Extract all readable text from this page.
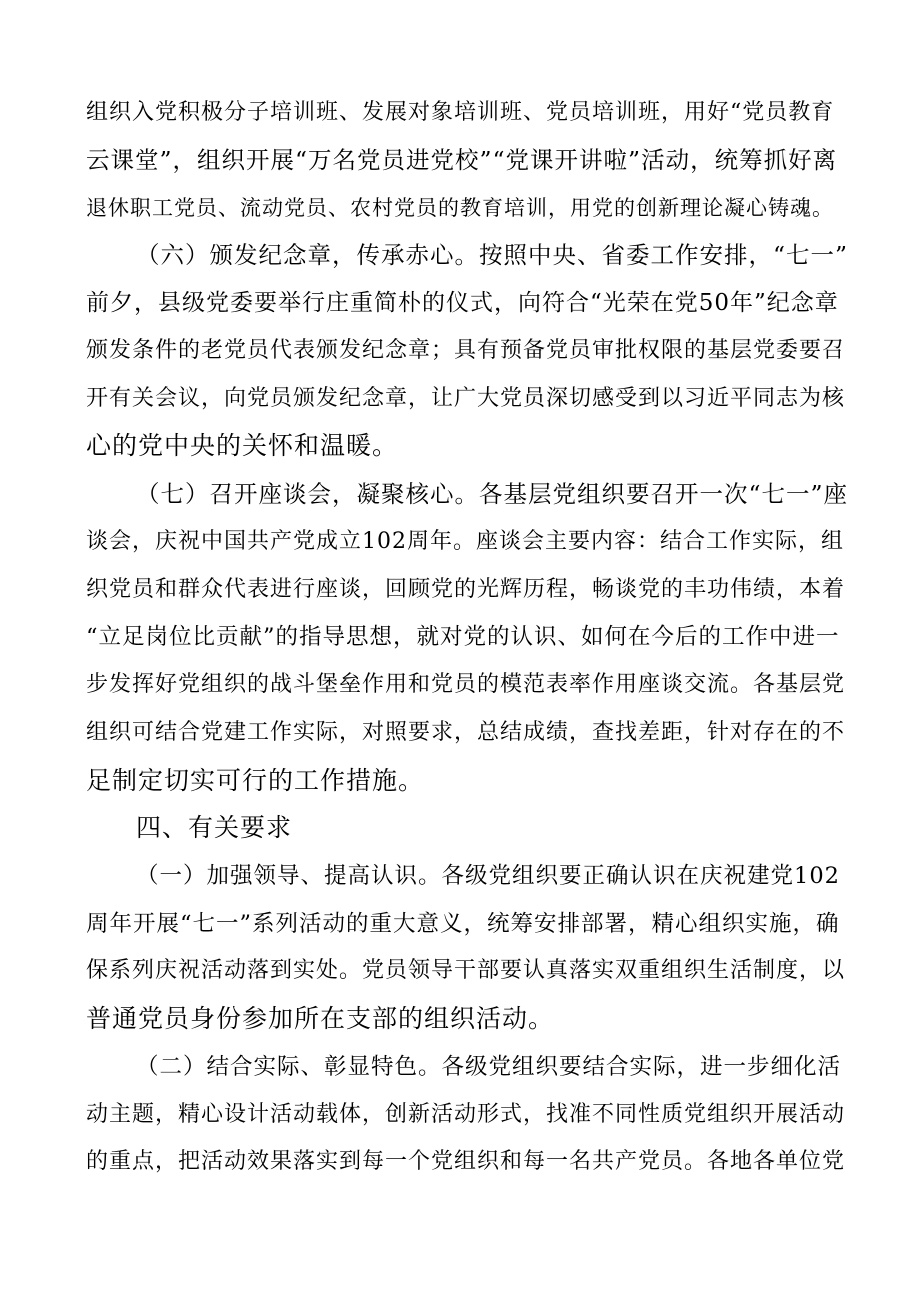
组织入党积极分子培训班、发展对象培训班、党员培训班，用好“党员教育
云课堂”，组织开展“万名党员进党校”“党课开讲啦”活动，统筹抓好离
退休职工党员、流动党员、农村党员的教育培训，用党的创新理论凝心铸魂。
（六）颁发纪念章，传承赤心。按照中央、省委工作安排，“七一”
前夕，县级党委要举行庄重简朴的仪式，向符合“光荣在党50年”纪念章
颁发条件的老党员代表颁发纪念章；具有预备党员审批权限的基层党委要召
开有关会议，向党员颁发纪念章，让广大党员深切感受到以习近平同志为核
心的党中央的关怀和温暖。
（七）召开座谈会，凝聚核心。各基层党组织要召开一次“七一”座
谈会，庆祝中国共产党成立102周年。座谈会主要内容：结合工作实际，组
织党员和群众代表进行座谈，回顾党的光辉历程，畅谈党的丰功伟绩，本着
“立足岗位比贡献”的指导思想，就对党的认识、如何在今后的工作中进一
步发挥好党组织的战斗堡垒作用和党员的模范表率作用座谈交流。各基层党
组织可结合党建工作实际，对照要求，总结成绩，查找差距，针对存在的不
足制定切实可行的工作措施。
四、有关要求
（一）加强领导、提高认识。各级党组织要正确认识在庆祝建党102
周年开展“七一”系列活动的重大意义，统筹安排部署，精心组织实施，确
保系列庆祝活动落到实处。党员领导干部要认真落实双重组织生活制度，以
普通党员身份参加所在支部的组织活动。
（二）结合实际、彰显特色。各级党组织要结合实际，进一步细化活
动主题，精心设计活动载体，创新活动形式，找准不同性质党组织开展活动
的重点，把活动效果落实到每一个党组织和每一名共产党员。各地各单位党
